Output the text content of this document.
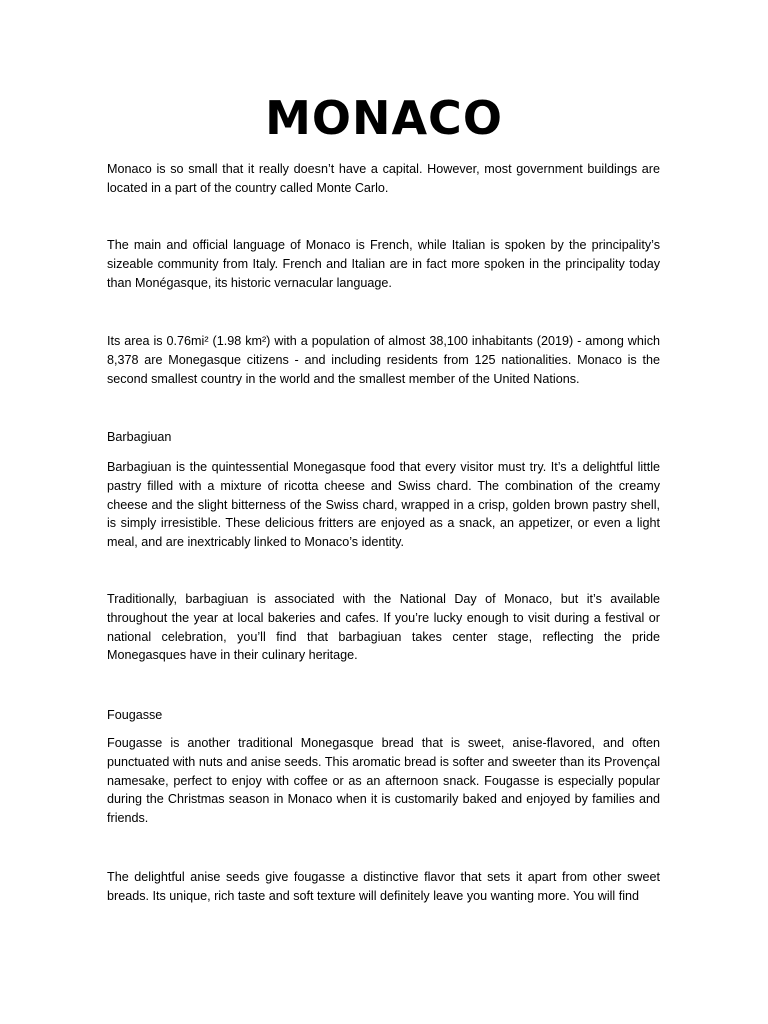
MONACO

Monaco is so small that it really doesn’t have a capital. However, most government buildings are located in a part of the country called Monte Carlo.

The main and official language of Monaco is French, while Italian is spoken by the principality’s sizeable community from Italy. French and Italian are in fact more spoken in the principality today than Monégasque, its historic vernacular language.

Its area is 0.76mi² (1.98 km²) with a population of almost 38,100 inhabitants (2019) - among which 8,378 are Monegasque citizens - and including residents from 125 nationalities. Monaco is the second smallest country in the world and the smallest member of the United Nations.

Barbagiuan

Barbagiuan is the quintessential Monegasque food that every visitor must try. It’s a delightful little pastry filled with a mixture of ricotta cheese and Swiss chard. The combination of the creamy cheese and the slight bitterness of the Swiss chard, wrapped in a crisp, golden brown pastry shell, is simply irresistible. These delicious fritters are enjoyed as a snack, an appetizer, or even a light meal, and are inextricably linked to Monaco’s identity.

Traditionally, barbagiuan is associated with the National Day of Monaco, but it’s available throughout the year at local bakeries and cafes. If you’re lucky enough to visit during a festival or national celebration, you’ll find that barbagiuan takes center stage, reflecting the pride Monegasques have in their culinary heritage.

Fougasse

Fougasse is another traditional Monegasque bread that is sweet, anise-flavored, and often punctuated with nuts and anise seeds. This aromatic bread is softer and sweeter than its Provençal namesake, perfect to enjoy with coffee or as an afternoon snack. Fougasse is especially popular during the Christmas season in Monaco when it is customarily baked and enjoyed by families and friends.

The delightful anise seeds give fougasse a distinctive flavor that sets it apart from other sweet breads. Its unique, rich taste and soft texture will definitely leave you wanting more. You will find
